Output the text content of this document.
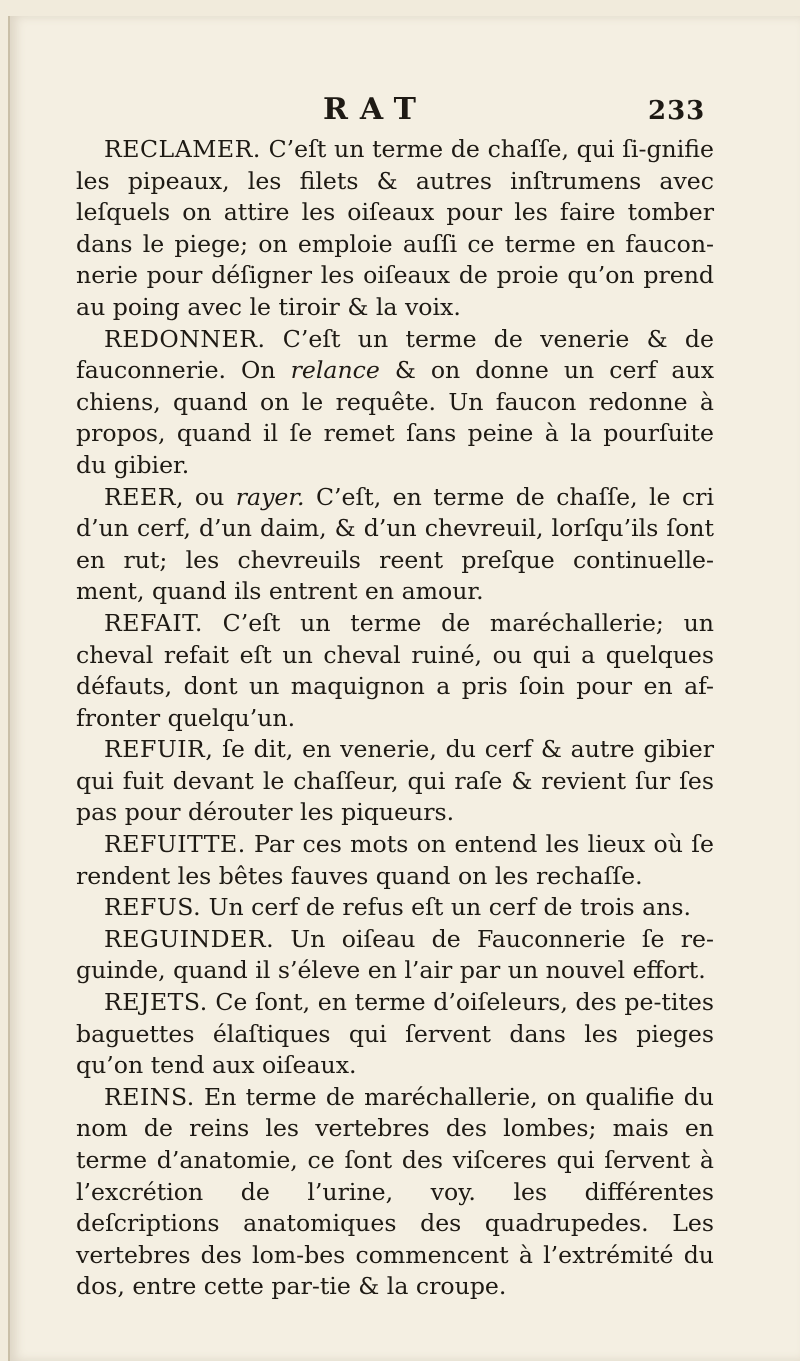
RAT	233

RECLAMER. C’eſt un terme de chaſſe, qui ſi-gnifie les pipeaux, les filets & autres inſtrumens avec leſquels on attire les oiſeaux pour les faire tomber dans le piege; on emploie auſſi ce terme en faucon-nerie pour déſigner les oiſeaux de proie qu’on prend au poing avec le tiroir & la voix.

REDONNER. C’eſt un terme de venerie & de fauconnerie. On relance & on donne un cerf aux chiens, quand on le requête. Un faucon redonne à propos, quand il ſe remet ſans peine à la pourſuite du gibier.

REER, ou rayer. C’eſt, en terme de chaſſe, le cri d’un cerf, d’un daim, & d’un chevreuil, lorſqu’ils ſont en rut; les chevreuils reent preſque continuelle-ment, quand ils entrent en amour.

REFAIT. C’eſt un terme de maréchallerie; un cheval refait eſt un cheval ruiné, ou qui a quelques défauts, dont un maquignon a pris ſoin pour en af-fronter quelqu’un.

REFUIR, ſe dit, en venerie, du cerf & autre gibier qui fuit devant le chaſſeur, qui raſe & revient ſur ſes pas pour dérouter les piqueurs.

REFUITTE. Par ces mots on entend les lieux où ſe rendent les bêtes fauves quand on les rechaſſe.

REFUS. Un cerf de refus eſt un cerf de trois ans.

REGUINDER. Un oiſeau de Fauconnerie ſe re-guinde, quand il s’éleve en l’air par un nouvel effort.

REJETS. Ce ſont, en terme d’oiſeleurs, des pe-tites baguettes élaſtiques qui ſervent dans les pieges qu’on tend aux oiſeaux.

REINS. En terme de maréchallerie, on qualifie du nom de reins les vertebres des lombes; mais en terme d’anatomie, ce ſont des viſceres qui ſervent à l’excrétion de l’urine, voy. les différentes deſcriptions anatomiques des quadrupedes. Les vertebres des lom-bes commencent à l’extrémité du dos, entre cette par-tie & la croupe.
